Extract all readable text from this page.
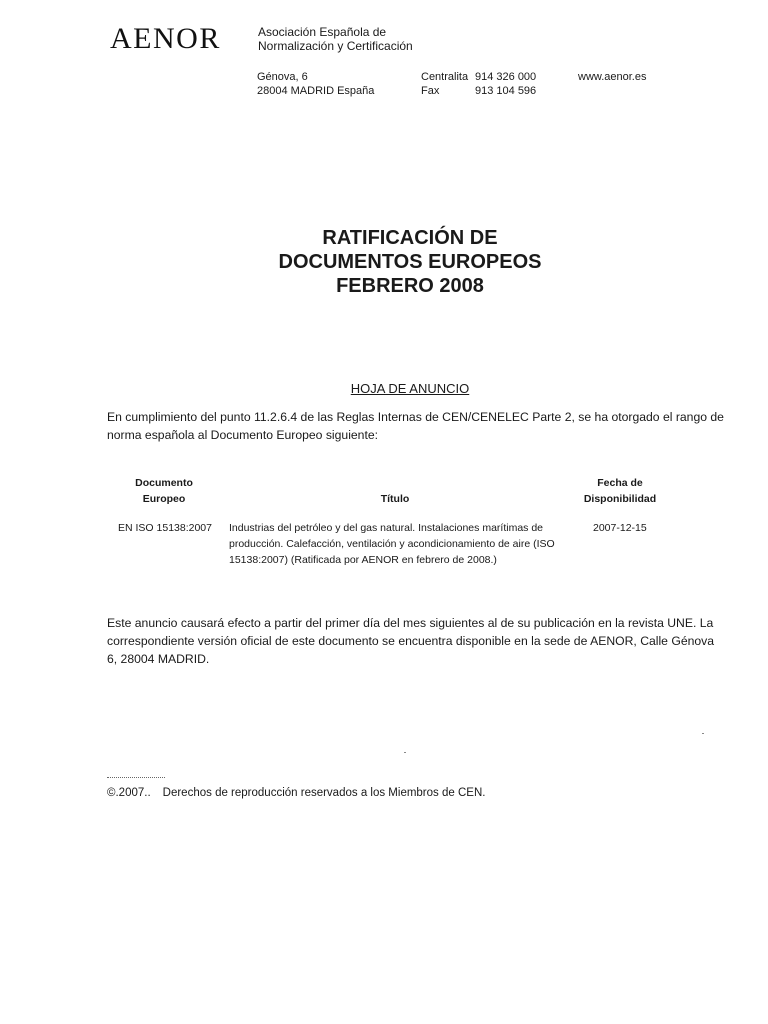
AENOR	Asociación Española de
Normalización y Certificación
Génova, 6
28004 MADRID España
Centralita
Fax
914 326 000
913 104 596
www.aenor.es
RATIFICACIÓN DE
DOCUMENTOS EUROPEOS
FEBRERO 2008
HOJA DE ANUNCIO
En cumplimiento del punto 11.2.6.4 de las Reglas Internas de CEN/CENELEC Parte 2, se ha otorgado el rango de norma española al Documento Europeo siguiente:
Documento
Europeo	Título
Fecha de
Disponibilidad
EN ISO 15138:2007 Industrias del petróleo y del gas natural. Instalaciones marítimas de
producción. Calefacción, ventilación y acondicionamiento de aire (ISO
15138:2007) (Ratificada por AENOR en febrero de 2008.)
2007-12-15
Este anuncio causará efecto a partir del primer día del mes siguientes al de su publicación en la revista UNE. La correspondiente versión oficial de este documento se encuentra disponible en la sede de AENOR, Calle Génova 6, 28004 MADRID.
©.2007.. Derechos de reproducción reservados a los Miembros de CEN.
